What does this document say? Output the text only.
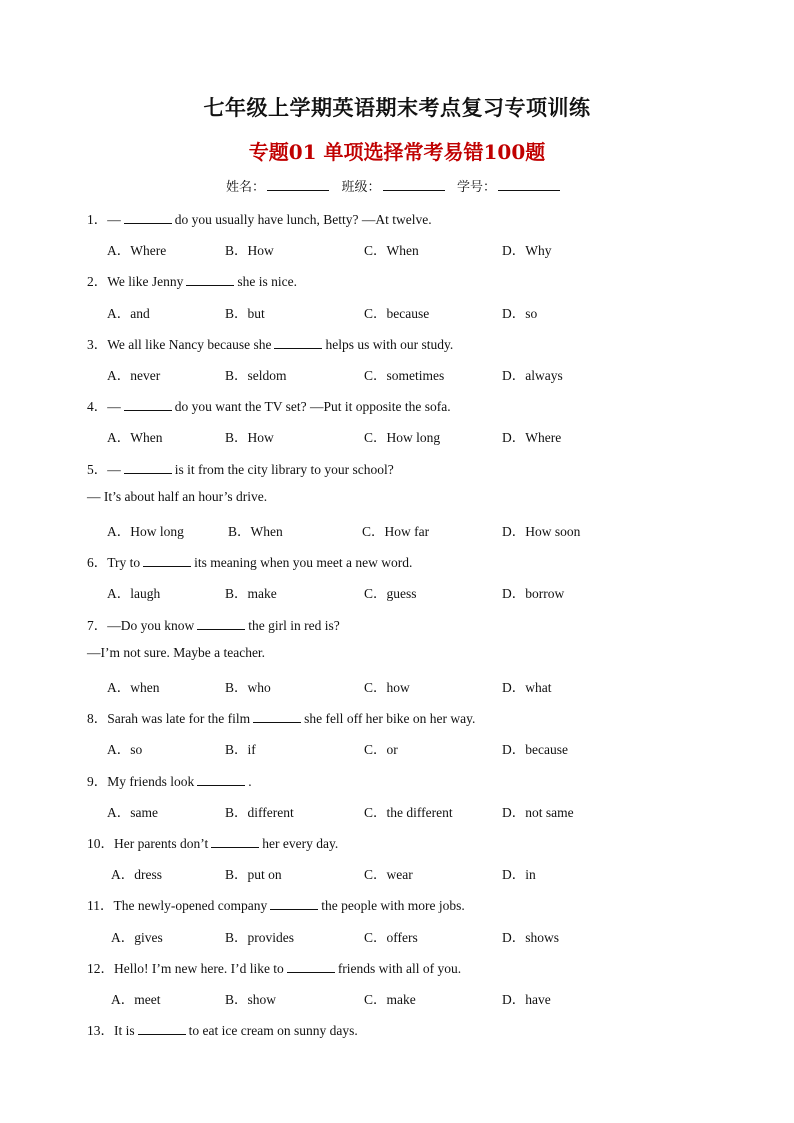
七年级上学期英语期末考点复习专项训练
专题01 单项选择常考易错100题
姓名：	班级：	学号：
1．—	do you usually have lunch, Betty? —At twelve.
A．Where	B．How	C．When	D．Why
2．We like Jenny	she is nice.
A．and	B．but	C．because	D．so
3．We all like Nancy because she	helps us with our study.
A．never	B．seldom	C．sometimes	D．always
4．—	do you want the TV set? —Put it opposite the sofa.
A．When	B．How	C．How long	D．Where
5．—	is it from the city library to your school?
— It’s about half an hour’s drive.
A．How long	B．When	C．How far	D．How soon
6．Try to	its meaning when you meet a new word.
A．laugh	B．make	C．guess	D．borrow
7．—Do you know	the girl in red is?
—I’m not sure. Maybe a teacher.
A．when	B．who	C．how	D．what
8．Sarah was late for the film	she fell off her bike on her way.
A．so	B．if	C．or	D．because
9．My friends look	.
A．same	B．different	C．the different	D．not same
10．Her parents don’t	her every day.
A．dress	B．put on	C．wear	D．in
11．The newly-opened company	the people with more jobs.
A．gives	B．provides	C．offers	D．shows
12．Hello! I’m new here. I’d like to	friends with all of you.
A．meet	B．show	C．make	D．have
13．It is	to eat ice cream on sunny days.
